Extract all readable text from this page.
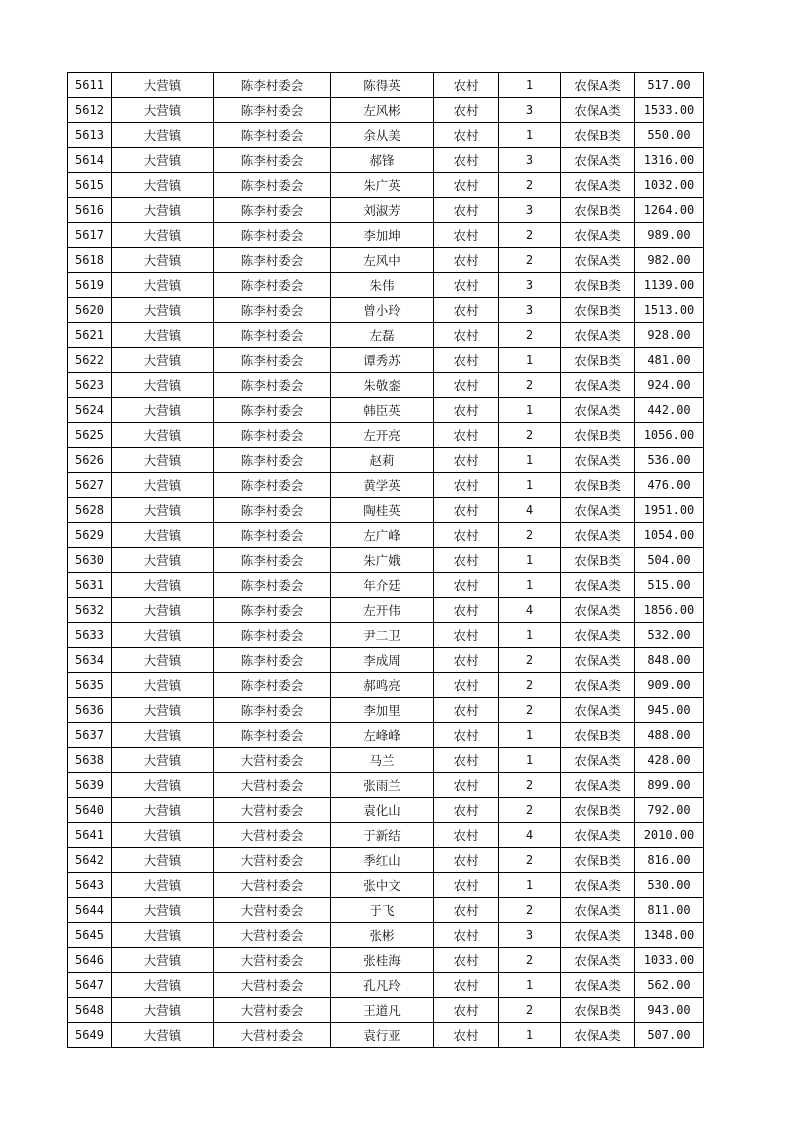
5611	大营镇	陈李村委会	陈得英	农村	1	农保A类	517.00
5612	大营镇	陈李村委会	左风彬	农村	3	农保A类	1533.00
5613	大营镇	陈李村委会	余从美	农村	1	农保B类	550.00
5614	大营镇	陈李村委会	郝锋	农村	3	农保A类	1316.00
5615	大营镇	陈李村委会	朱广英	农村	2	农保A类	1032.00
5616	大营镇	陈李村委会	刘淑芳	农村	3	农保B类	1264.00
5617	大营镇	陈李村委会	李加坤	农村	2	农保A类	989.00
5618	大营镇	陈李村委会	左风中	农村	2	农保A类	982.00
5619	大营镇	陈李村委会	朱伟	农村	3	农保B类	1139.00
5620	大营镇	陈李村委会	曾小玲	农村	3	农保B类	1513.00
5621	大营镇	陈李村委会	左磊	农村	2	农保A类	928.00
5622	大营镇	陈李村委会	谭秀苏	农村	1	农保B类	481.00
5623	大营镇	陈李村委会	朱敬銮	农村	2	农保A类	924.00
5624	大营镇	陈李村委会	韩臣英	农村	1	农保A类	442.00
5625	大营镇	陈李村委会	左开亮	农村	2	农保B类	1056.00
5626	大营镇	陈李村委会	赵莉	农村	1	农保A类	536.00
5627	大营镇	陈李村委会	黄学英	农村	1	农保B类	476.00
5628	大营镇	陈李村委会	陶桂英	农村	4	农保A类	1951.00
5629	大营镇	陈李村委会	左广峰	农村	2	农保A类	1054.00
5630	大营镇	陈李村委会	朱广娥	农村	1	农保B类	504.00
5631	大营镇	陈李村委会	年介廷	农村	1	农保A类	515.00
5632	大营镇	陈李村委会	左开伟	农村	4	农保A类	1856.00
5633	大营镇	陈李村委会	尹二卫	农村	1	农保A类	532.00
5634	大营镇	陈李村委会	李成周	农村	2	农保A类	848.00
5635	大营镇	陈李村委会	郝鸣亮	农村	2	农保A类	909.00
5636	大营镇	陈李村委会	李加里	农村	2	农保A类	945.00
5637	大营镇	陈李村委会	左峰峰	农村	1	农保B类	488.00
5638	大营镇	大营村委会	马兰	农村	1	农保A类	428.00
5639	大营镇	大营村委会	张雨兰	农村	2	农保A类	899.00
5640	大营镇	大营村委会	袁化山	农村	2	农保B类	792.00
5641	大营镇	大营村委会	于新结	农村	4	农保A类	2010.00
5642	大营镇	大营村委会	季红山	农村	2	农保B类	816.00
5643	大营镇	大营村委会	张中文	农村	1	农保A类	530.00
5644	大营镇	大营村委会	于飞	农村	2	农保A类	811.00
5645	大营镇	大营村委会	张彬	农村	3	农保A类	1348.00
5646	大营镇	大营村委会	张桂海	农村	2	农保A类	1033.00
5647	大营镇	大营村委会	孔凡玲	农村	1	农保A类	562.00
5648	大营镇	大营村委会	王道凡	农村	2	农保B类	943.00
5649	大营镇	大营村委会	袁行亚	农村	1	农保A类	507.00
